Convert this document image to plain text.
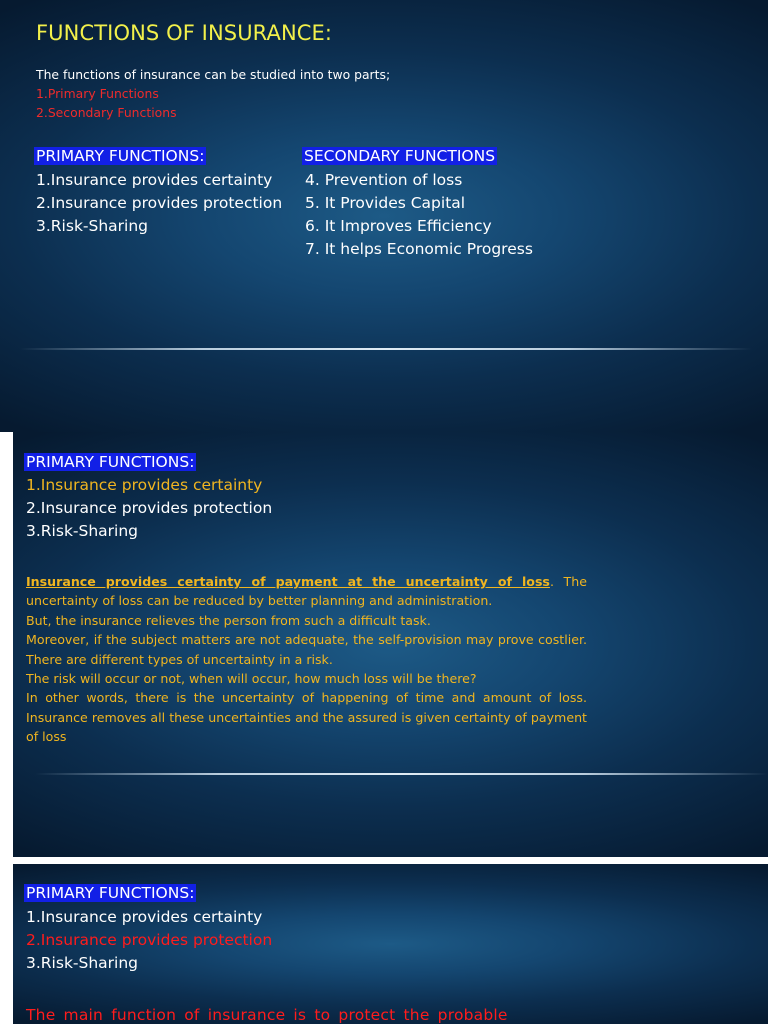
FUNCTIONS OF INSURANCE:
The functions of insurance can be studied into two parts;
1.Primary Functions
2.Secondary Functions
PRIMARY FUNCTIONS:
1.Insurance provides certainty
2.Insurance provides protection
3.Risk-Sharing
SECONDARY FUNCTIONS
4. Prevention of loss
5. It Provides Capital
6. It Improves Efficiency
7. It helps Economic Progress
PRIMARY FUNCTIONS:
1.Insurance provides certainty
2.Insurance provides protection
3.Risk-Sharing

Insurance provides certainty of payment at the uncertainty of loss. The uncertainty of loss can be reduced by better planning and administration.

But, the insurance relieves the person from such a difficult task.

Moreover, if the subject matters are not adequate, the self-provision may prove costlier. There are different types of uncertainty in a risk.

The risk will occur or not, when will occur, how much loss will be there?

In other words, there is the uncertainty of happening of time and amount of loss. Insurance removes all these uncertainties and the assured is given certainty of payment of loss

PRIMARY FUNCTIONS:
1.Insurance provides certainty
2.Insurance provides protection
3.Risk-Sharing
The main function of insurance is to protect the probable
